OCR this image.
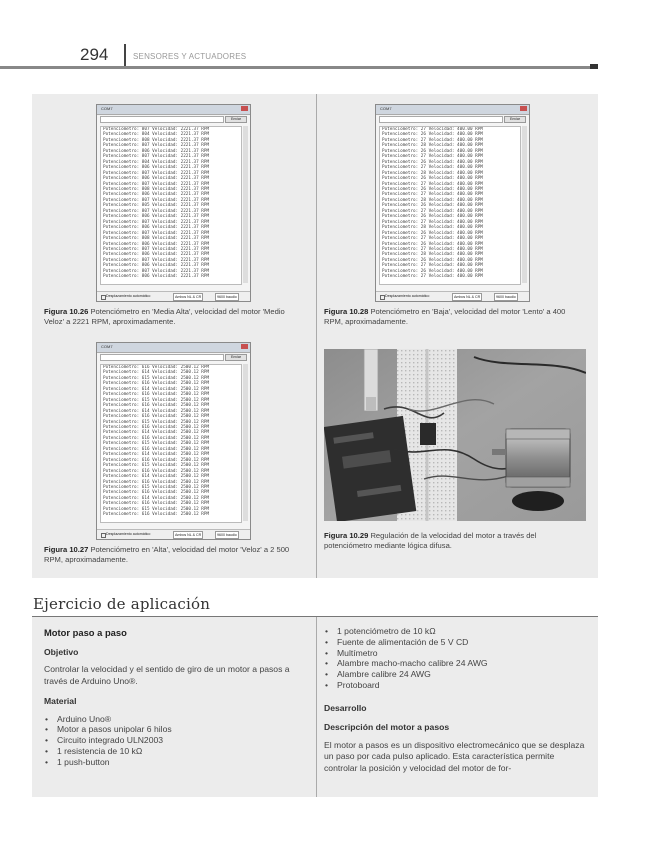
294	SENSORES Y ACTUADORES
COM7
Enviar
Potenciometro: 807 Velocidad: 2221.37 RPM
Potenciometro: 804 Velocidad: 2221.37 RPM
Potenciometro: 808 Velocidad: 2221.37 RPM
Potenciometro: 807 Velocidad: 2221.37 RPM
Potenciometro: 806 Velocidad: 2221.37 RPM
Potenciometro: 807 Velocidad: 2221.37 RPM
Potenciometro: 804 Velocidad: 2221.37 RPM
Potenciometro: 806 Velocidad: 2221.37 RPM
Potenciometro: 807 Velocidad: 2221.37 RPM
Potenciometro: 806 Velocidad: 2221.37 RPM
Potenciometro: 807 Velocidad: 2221.37 RPM
Potenciometro: 808 Velocidad: 2221.37 RPM
Potenciometro: 806 Velocidad: 2221.37 RPM
Potenciometro: 807 Velocidad: 2221.37 RPM
Potenciometro: 805 Velocidad: 2221.37 RPM
Potenciometro: 807 Velocidad: 2221.37 RPM
Potenciometro: 806 Velocidad: 2221.37 RPM
Potenciometro: 807 Velocidad: 2221.37 RPM
Potenciometro: 806 Velocidad: 2221.37 RPM
Potenciometro: 807 Velocidad: 2221.37 RPM
Potenciometro: 808 Velocidad: 2221.37 RPM
Potenciometro: 806 Velocidad: 2221.37 RPM
Potenciometro: 807 Velocidad: 2221.37 RPM
Potenciometro: 806 Velocidad: 2221.37 RPM
Potenciometro: 807 Velocidad: 2221.37 RPM
Potenciometro: 806 Velocidad: 2221.37 RPM
Potenciometro: 807 Velocidad: 2221.37 RPM
Potenciometro: 806 Velocidad: 2221.37 RPM
Desplazamiento automático	Ambos NL & CR	9600 baudio
Figura 10.26 Potenciómetro en 'Media Alta', velocidad del motor 'Medio Veloz' a 2221 RPM, aproximadamente.
COM7
Enviar
Potenciometro: 616 Velocidad: 2500.12 RPM
Potenciometro: 614 Velocidad: 2500.12 RPM
Potenciometro: 615 Velocidad: 2500.12 RPM
Potenciometro: 616 Velocidad: 2500.12 RPM
Potenciometro: 614 Velocidad: 2500.12 RPM
Potenciometro: 616 Velocidad: 2500.12 RPM
Potenciometro: 615 Velocidad: 2500.12 RPM
Potenciometro: 616 Velocidad: 2500.12 RPM
Potenciometro: 614 Velocidad: 2500.12 RPM
Potenciometro: 616 Velocidad: 2500.12 RPM
Potenciometro: 615 Velocidad: 2500.12 RPM
Potenciometro: 616 Velocidad: 2500.12 RPM
Potenciometro: 614 Velocidad: 2500.12 RPM
Potenciometro: 616 Velocidad: 2500.12 RPM
Potenciometro: 615 Velocidad: 2500.12 RPM
Potenciometro: 616 Velocidad: 2500.12 RPM
Potenciometro: 614 Velocidad: 2500.12 RPM
Potenciometro: 616 Velocidad: 2500.12 RPM
Potenciometro: 615 Velocidad: 2500.12 RPM
Potenciometro: 616 Velocidad: 2500.12 RPM
Potenciometro: 614 Velocidad: 2500.12 RPM
Potenciometro: 616 Velocidad: 2500.12 RPM
Potenciometro: 615 Velocidad: 2500.12 RPM
Potenciometro: 616 Velocidad: 2500.12 RPM
Potenciometro: 614 Velocidad: 2500.12 RPM
Potenciometro: 616 Velocidad: 2500.12 RPM
Potenciometro: 615 Velocidad: 2500.12 RPM
Potenciometro: 616 Velocidad: 2500.12 RPM
Desplazamiento automático	Ambos NL & CR	9600 baudio
Figura 10.27 Potenciómetro en 'Alta', velocidad del motor 'Veloz' a 2 500 RPM, aproximadamente.
COM7
Enviar
Potenciometro: 27 Velocidad: 400.00 RPM
Potenciometro: 26 Velocidad: 400.00 RPM
Potenciometro: 27 Velocidad: 400.00 RPM
Potenciometro: 28 Velocidad: 400.00 RPM
Potenciometro: 26 Velocidad: 400.00 RPM
Potenciometro: 27 Velocidad: 400.00 RPM
Potenciometro: 26 Velocidad: 400.00 RPM
Potenciometro: 27 Velocidad: 400.00 RPM
Potenciometro: 28 Velocidad: 400.00 RPM
Potenciometro: 26 Velocidad: 400.00 RPM
Potenciometro: 27 Velocidad: 400.00 RPM
Potenciometro: 26 Velocidad: 400.00 RPM
Potenciometro: 27 Velocidad: 400.00 RPM
Potenciometro: 28 Velocidad: 400.00 RPM
Potenciometro: 26 Velocidad: 400.00 RPM
Potenciometro: 27 Velocidad: 400.00 RPM
Potenciometro: 26 Velocidad: 400.00 RPM
Potenciometro: 27 Velocidad: 400.00 RPM
Potenciometro: 28 Velocidad: 400.00 RPM
Potenciometro: 26 Velocidad: 400.00 RPM
Potenciometro: 27 Velocidad: 400.00 RPM
Potenciometro: 26 Velocidad: 400.00 RPM
Potenciometro: 27 Velocidad: 400.00 RPM
Potenciometro: 28 Velocidad: 400.00 RPM
Potenciometro: 26 Velocidad: 400.00 RPM
Potenciometro: 27 Velocidad: 400.00 RPM
Potenciometro: 26 Velocidad: 400.00 RPM
Potenciometro: 27 Velocidad: 400.00 RPM
Desplazamiento automático	Ambos NL & CR	9600 baudio
Figura 10.28 Potenciómetro en 'Baja', velocidad del motor 'Lento' a 400 RPM, aproximadamente.
Figura 10.29 Regulación de la velocidad del motor a través del potenciómetro mediante lógica difusa.
Ejercicio de aplicación
Motor paso a paso
Objetivo

Controlar la velocidad y el sentido de giro de un motor a pasos a través de Arduino Uno®.

Material
• Arduino Uno®
• Motor a pasos unipolar 6 hilos
• Circuito integrado ULN2003
• 1 resistencia de 10 kΩ
• 1 push-button
• 1 potenciómetro de 10 kΩ
• Fuente de alimentación de 5 V CD
• Multímetro
• Alambre macho-macho calibre 24 AWG
• Alambre calibre 24 AWG
• Protoboard
Desarrollo
Descripción del motor a pasos

El motor a pasos es un dispositivo electromecánico que se desplaza un paso por cada pulso aplicado. Esta característica permite controlar la posición y velocidad del motor de for-
